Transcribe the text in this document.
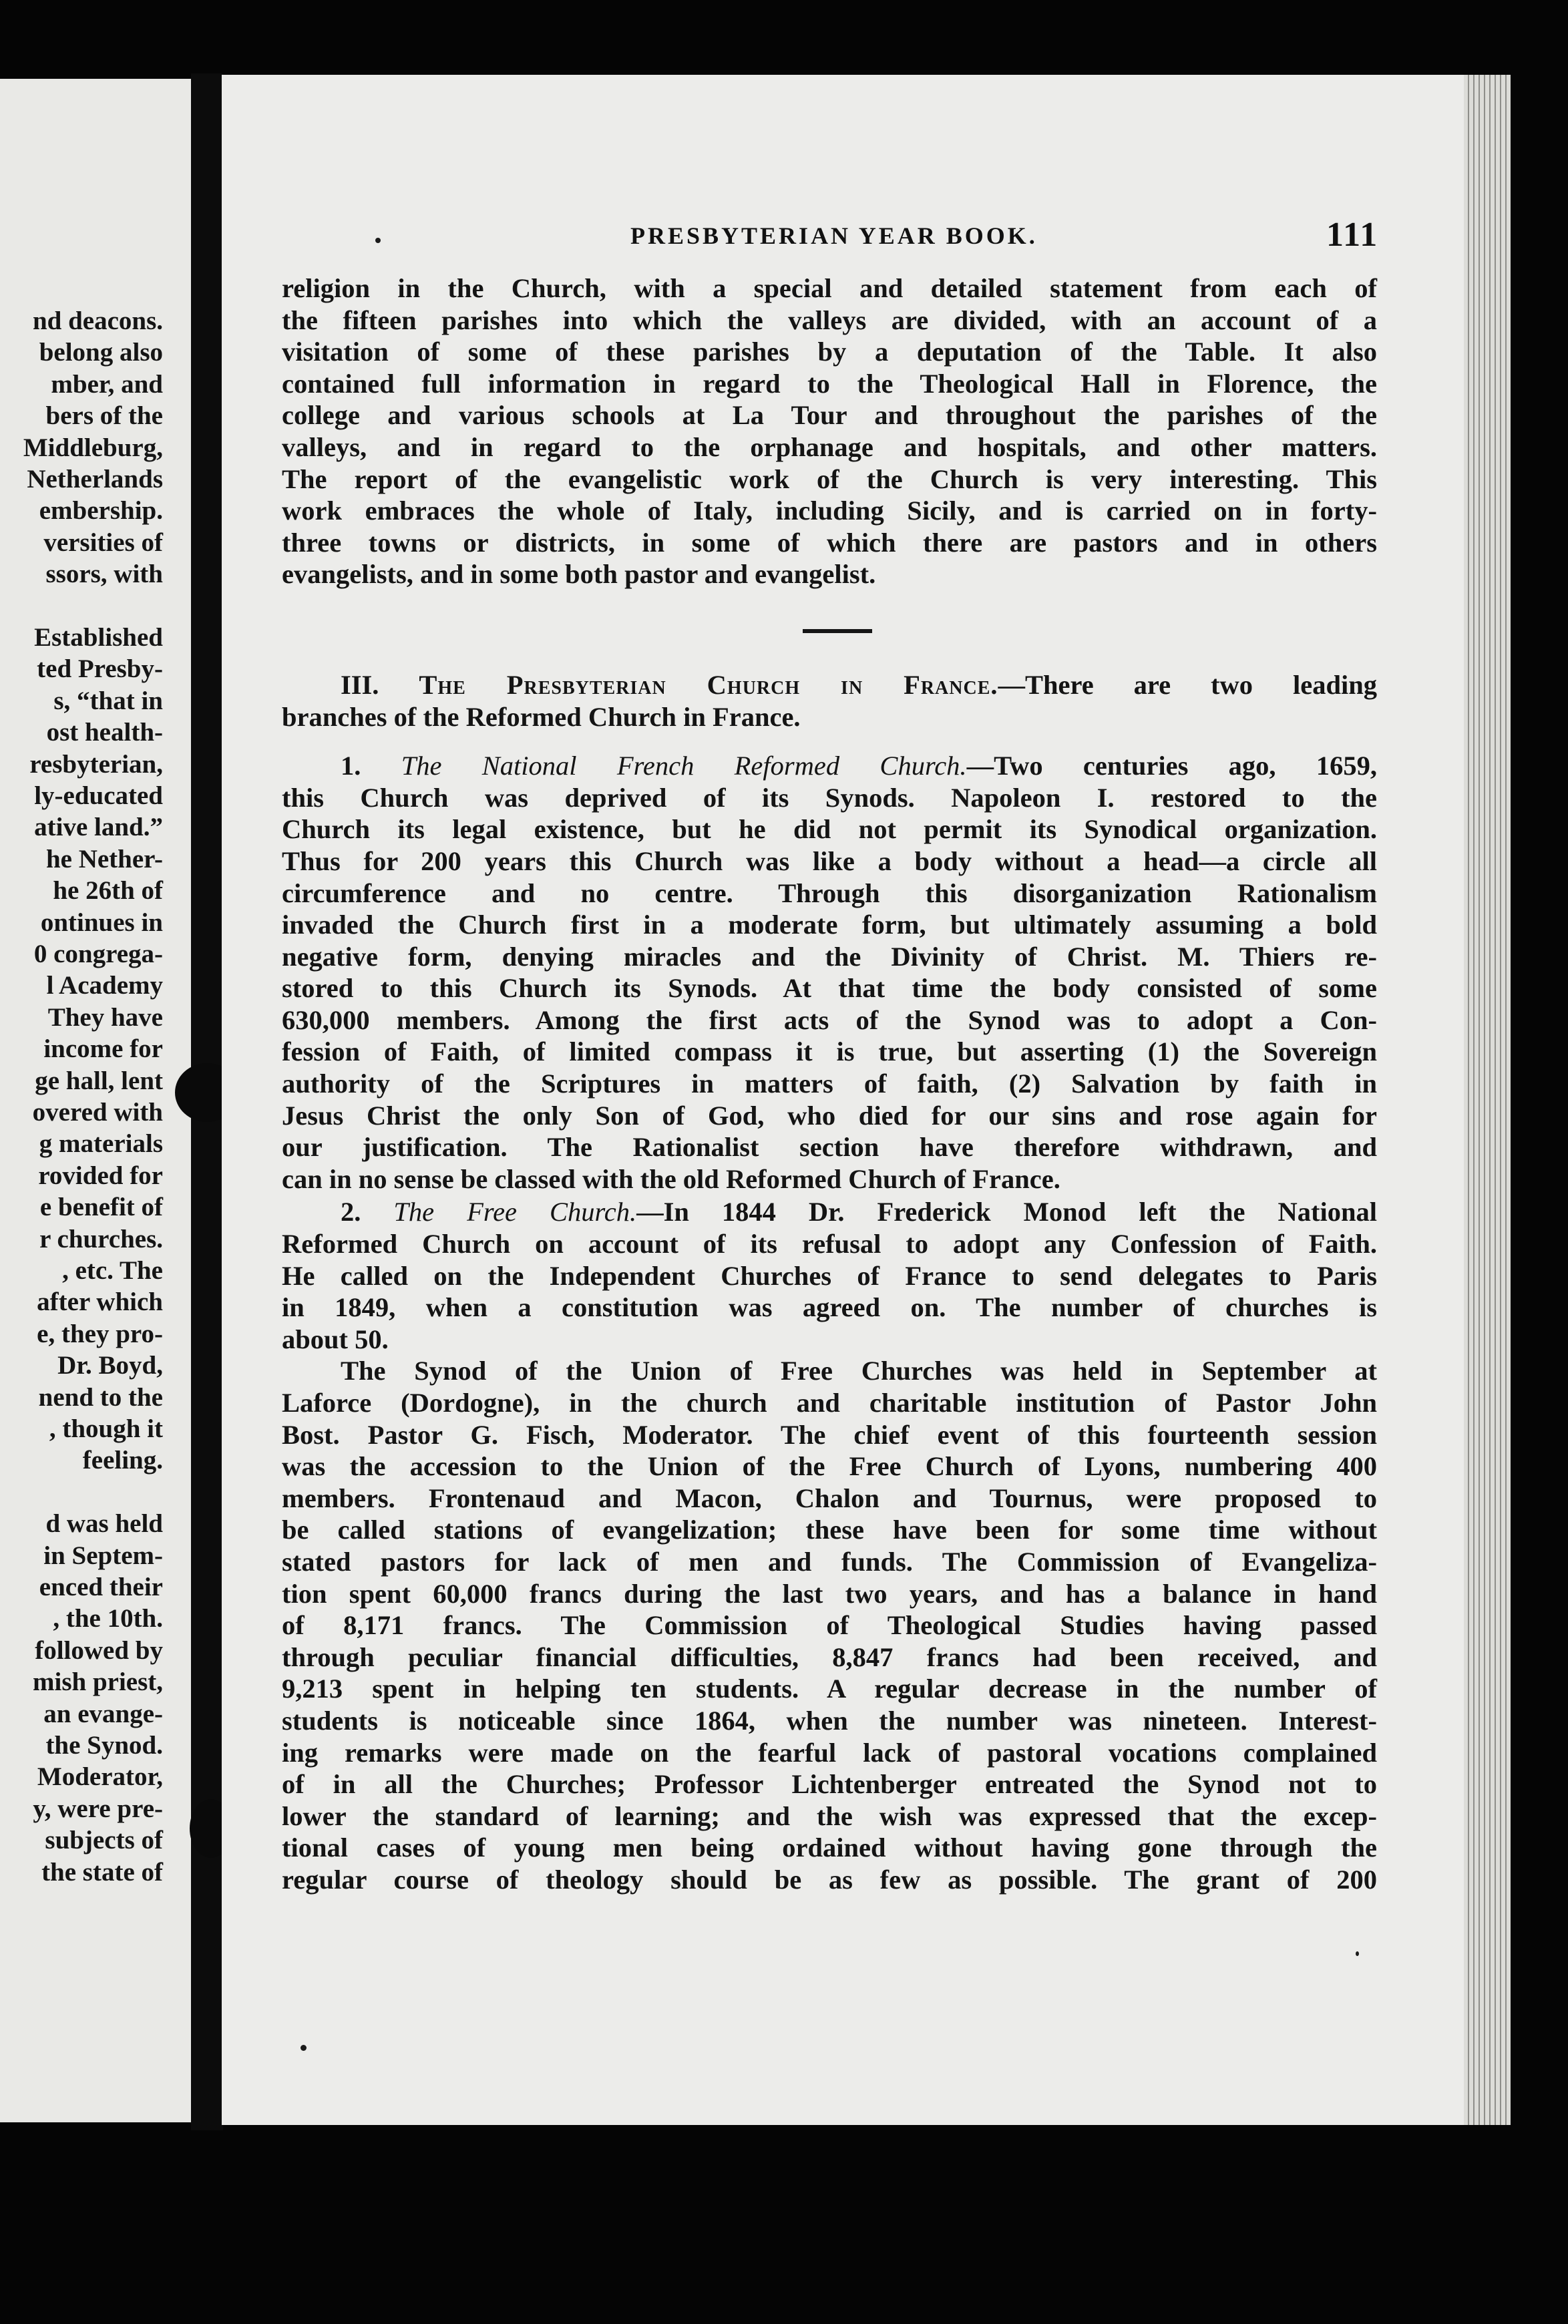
nd deacons.
belong also
mber, and
bers of the
Middleburg,
Netherlands
embership.
versities of
ssors, with
Established
ted Presby-
s, “that in
ost health-
resbyterian,
ly-educated
ative land.”
he Nether-
he 26th of
ontinues in
0 congrega-
l Academy
They have
income for
ge hall, lent
overed with
g materials
rovided for
e benefit of
r churches.
, etc. The
after which
e, they pro-
Dr. Boyd,
nend to the
, though it
feeling.
d was held
in Septem-
enced their
, the 10th.
followed by
mish priest,
an evange-
the Synod.
Moderator,
y, were pre-
subjects of
the state of
PRESBYTERIAN YEAR BOOK.	111
religion in the Church, with a special and detailed statement from each of
the fifteen parishes into which the valleys are divided, with an account of a
visitation of some of these parishes by a deputation of the Table. It also
contained full information in regard to the Theological Hall in Florence, the
college and various schools at La Tour and throughout the parishes of the
valleys, and in regard to the orphanage and hospitals, and other matters.
The report of the evangelistic work of the Church is very interesting. This
work embraces the whole of Italy, including Sicily, and is carried on in forty-
three towns or districts, in some of which there are pastors and in others
evangelists, and in some both pastor and evangelist.
III. The Presbyterian Church in France.—There are two leading
branches of the Reformed Church in France.
1. The National French Reformed Church.—Two centuries ago, 1659,
this Church was deprived of its Synods. Napoleon I. restored to the
Church its legal existence, but he did not permit its Synodical organization.
Thus for 200 years this Church was like a body without a head—a circle all
circumference and no centre. Through this disorganization Rationalism
invaded the Church first in a moderate form, but ultimately assuming a bold
negative form, denying miracles and the Divinity of Christ. M. Thiers re-
stored to this Church its Synods. At that time the body consisted of some
630,000 members. Among the first acts of the Synod was to adopt a Con-
fession of Faith, of limited compass it is true, but asserting (1) the Sovereign
authority of the Scriptures in matters of faith, (2) Salvation by faith in
Jesus Christ the only Son of God, who died for our sins and rose again for
our justification. The Rationalist section have therefore withdrawn, and
can in no sense be classed with the old Reformed Church of France.
2. The Free Church.—In 1844 Dr. Frederick Monod left the National
Reformed Church on account of its refusal to adopt any Confession of Faith.
He called on the Independent Churches of France to send delegates to Paris
in 1849, when a constitution was agreed on. The number of churches is
about 50.
The Synod of the Union of Free Churches was held in September at
Laforce (Dordogne), in the church and charitable institution of Pastor John
Bost. Pastor G. Fisch, Moderator. The chief event of this fourteenth session
was the accession to the Union of the Free Church of Lyons, numbering 400
members. Frontenaud and Macon, Chalon and Tournus, were proposed to
be called stations of evangelization; these have been for some time without
stated pastors for lack of men and funds. The Commission of Evangeliza-
tion spent 60,000 francs during the last two years, and has a balance in hand
of 8,171 francs. The Commission of Theological Studies having passed
through peculiar financial difficulties, 8,847 francs had been received, and
9,213 spent in helping ten students. A regular decrease in the number of
students is noticeable since 1864, when the number was nineteen. Interest-
ing remarks were made on the fearful lack of pastoral vocations complained
of in all the Churches; Professor Lichtenberger entreated the Synod not to
lower the standard of learning; and the wish was expressed that the excep-
tional cases of young men being ordained without having gone through the
regular course of theology should be as few as possible. The grant of 200
